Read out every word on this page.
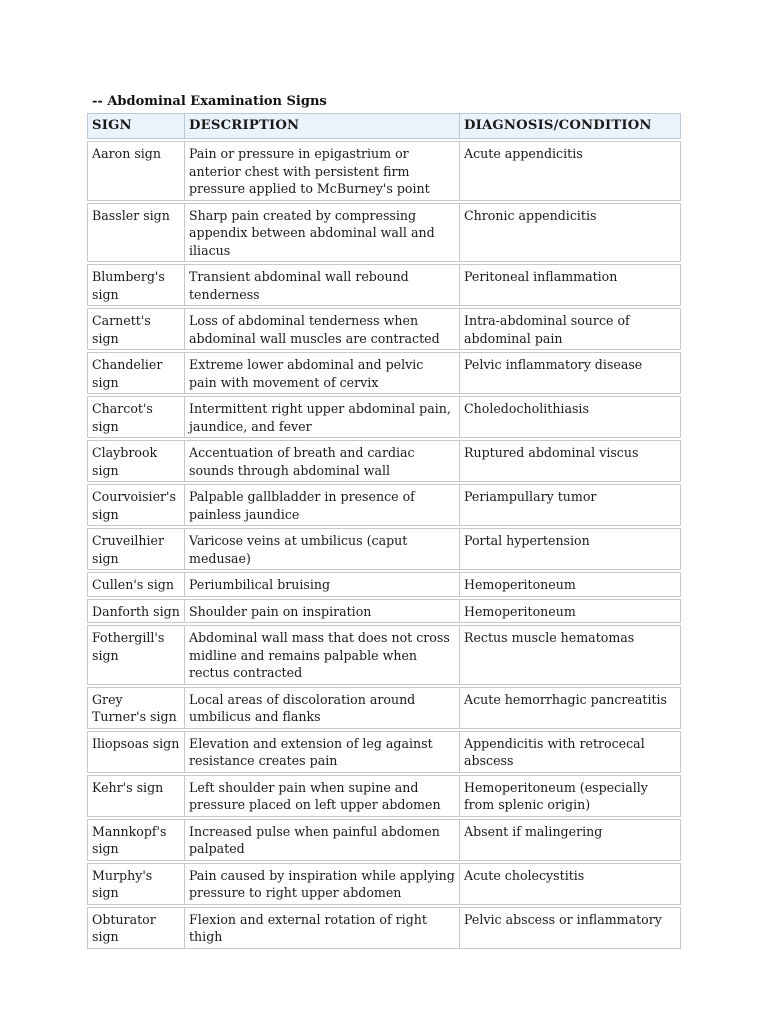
-- Abdominal Examination Signs
SIGN	DESCRIPTION	DIAGNOSIS/CONDITION
Aaron sign	Pain or pressure in epigastrium or anterior chest with persistent firm pressure applied to McBurney's point	Acute appendicitis
Bassler sign	Sharp pain created by compressing appendix between abdominal wall and iliacus	Chronic appendicitis
Blumberg's sign	Transient abdominal wall rebound tenderness	Peritoneal inflammation
Carnett's sign	Loss of abdominal tenderness when abdominal wall muscles are contracted	Intra-abdominal source of abdominal pain
Chandelier sign	Extreme lower abdominal and pelvic pain with movement of cervix	Pelvic inflammatory disease
Charcot's sign	Intermittent right upper abdominal pain, jaundice, and fever	Choledocholithiasis
Claybrook sign	Accentuation of breath and cardiac sounds through abdominal wall	Ruptured abdominal viscus
Courvoisier's sign	Palpable gallbladder in presence of painless jaundice	Periampullary tumor
Cruveilhier sign	Varicose veins at umbilicus (caput medusae)	Portal hypertension
Cullen's sign	Periumbilical bruising	Hemoperitoneum
Danforth sign	Shoulder pain on inspiration	Hemoperitoneum
Fothergill's sign	Abdominal wall mass that does not cross midline and remains palpable when rectus contracted	Rectus muscle hematomas
Grey Turner's sign	Local areas of discoloration around umbilicus and flanks	Acute hemorrhagic pancreatitis
Iliopsoas sign	Elevation and extension of leg against resistance creates pain	Appendicitis with retrocecal abscess
Kehr's sign	Left shoulder pain when supine and pressure placed on left upper abdomen	Hemoperitoneum (especially from splenic origin)
Mannkopf's sign	Increased pulse when painful abdomen palpated	Absent if malingering
Murphy's sign	Pain caused by inspiration while applying pressure to right upper abdomen	Acute cholecystitis
Obturator sign	Flexion and external rotation of right thigh	Pelvic abscess or inflammatory
